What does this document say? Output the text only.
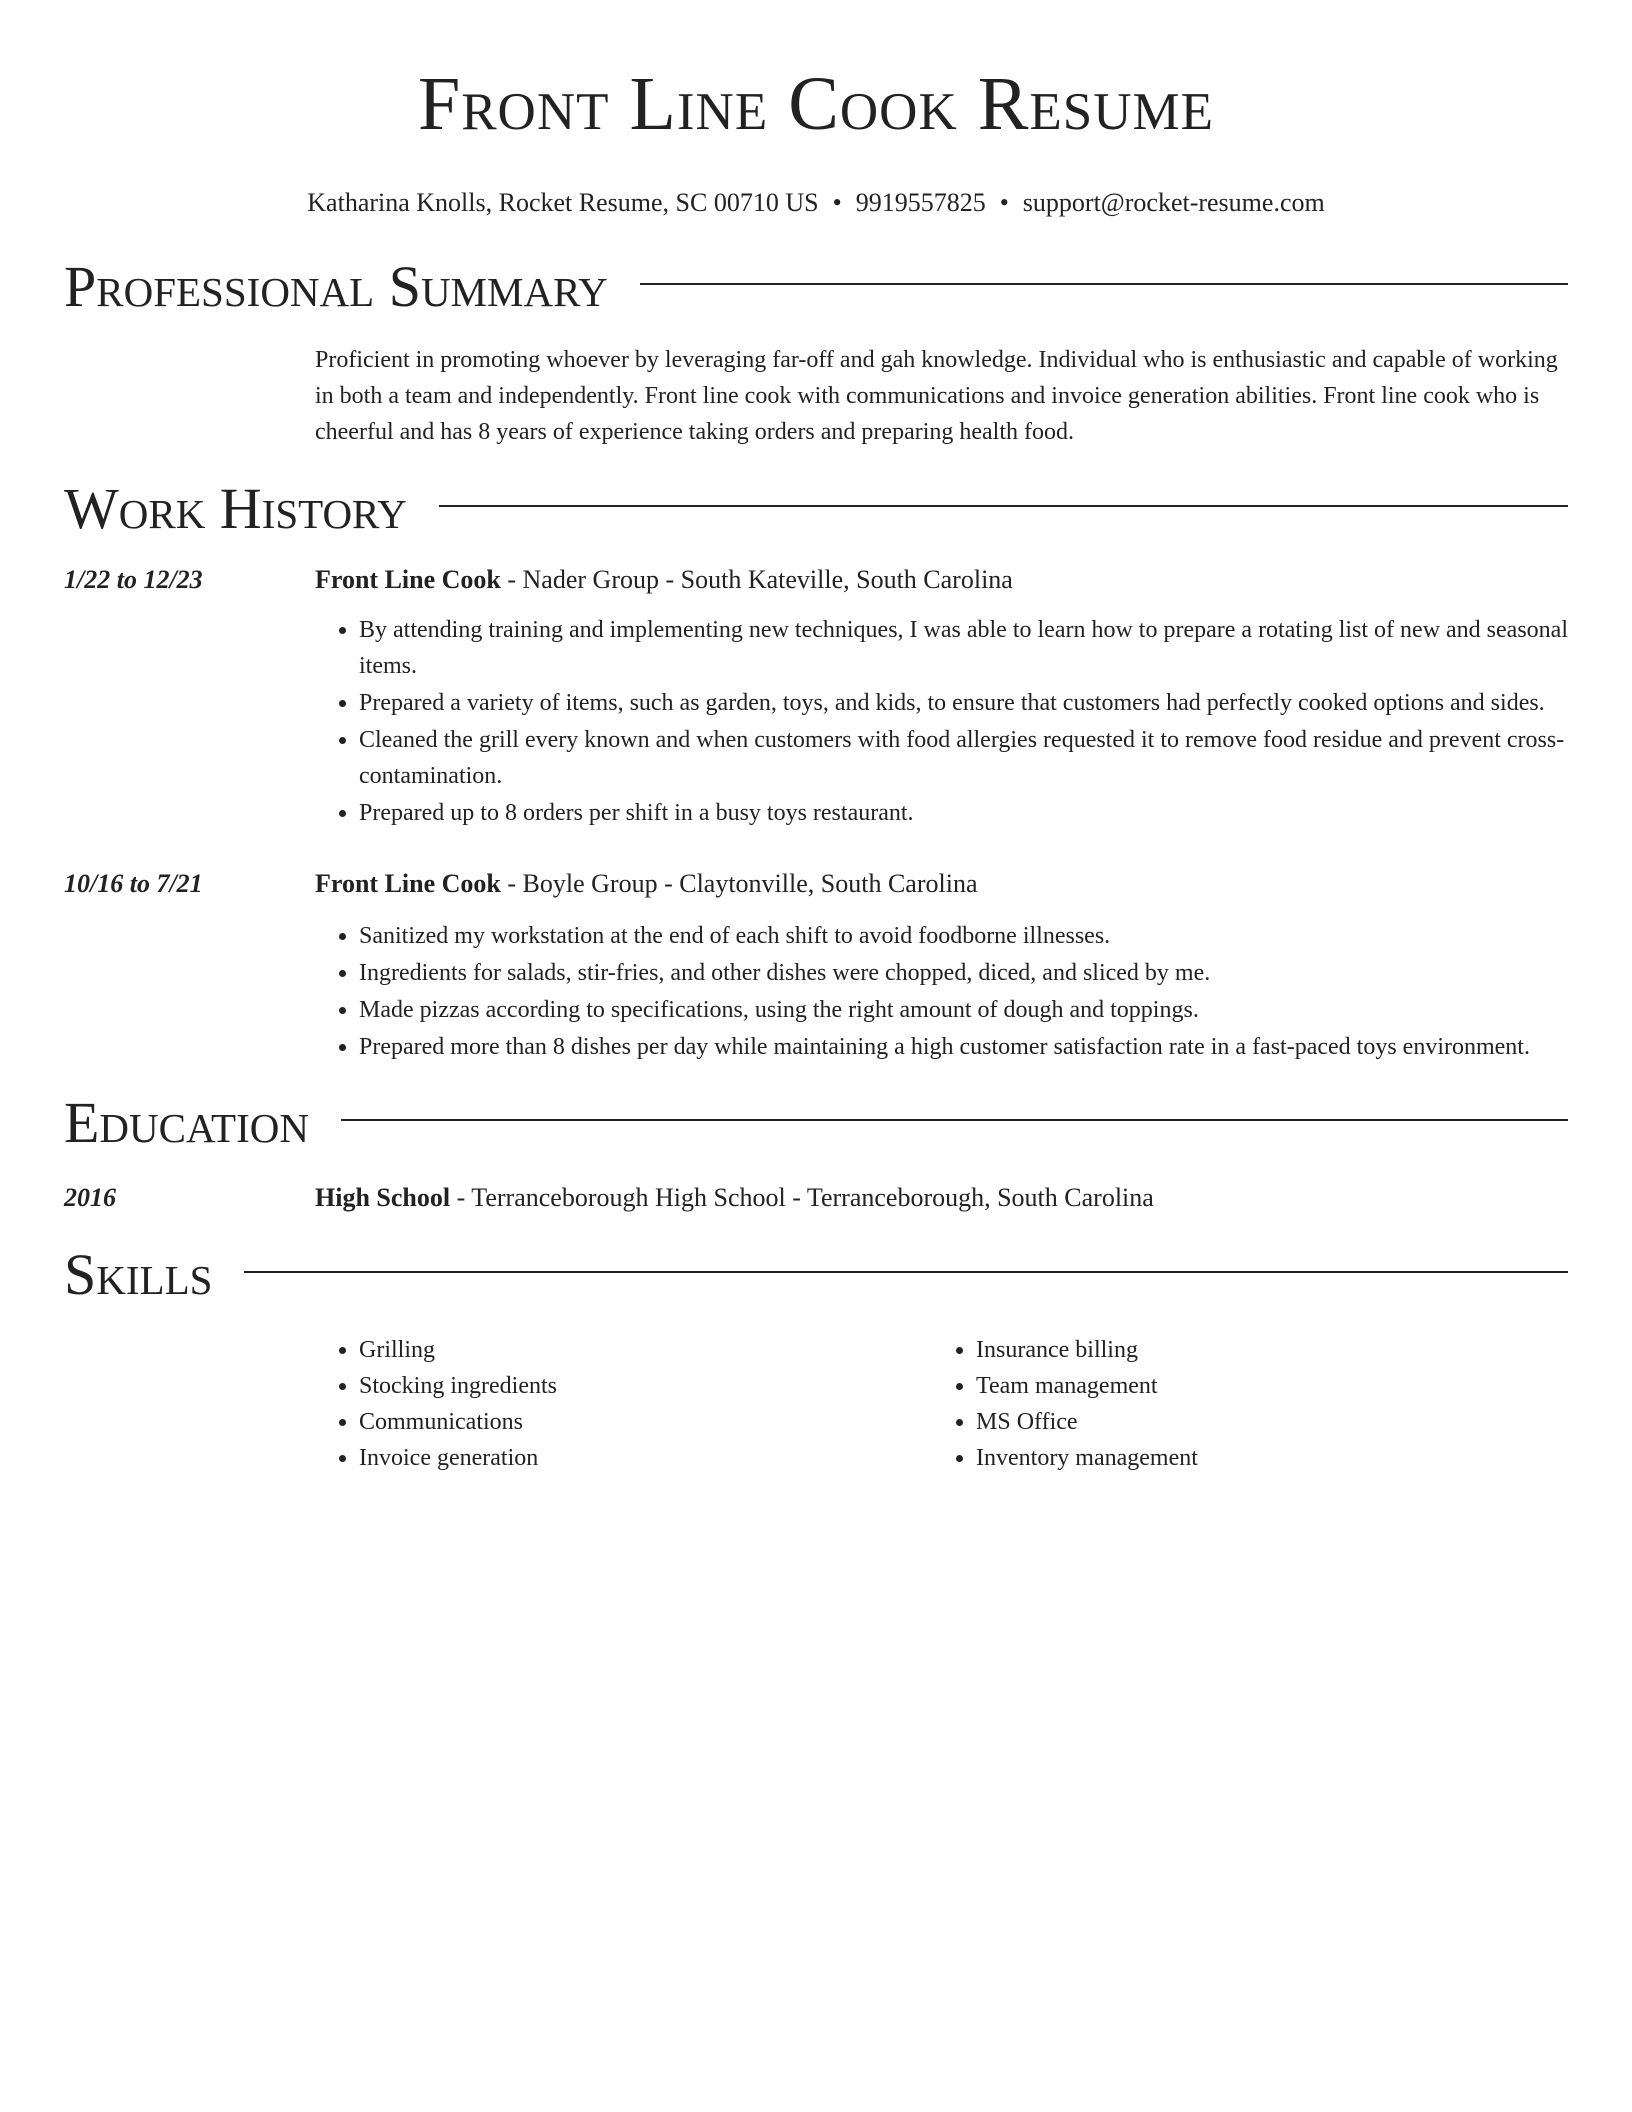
Front Line Cook Resume
Katharina Knolls, Rocket Resume, SC 00710 US • 9919557825 • support@rocket-resume.com
Professional Summary
Proficient in promoting whoever by leveraging far-off and gah knowledge. Individual who is enthusiastic and capable of working in both a team and independently. Front line cook with communications and invoice generation abilities. Front line cook who is cheerful and has 8 years of experience taking orders and preparing health food.
Work History
1/22 to 12/23	Front Line Cook - Nader Group - South Kateville, South Carolina
• By attending training and implementing new techniques, I was able to learn how to prepare a rotating list of new and seasonal items.
• Prepared a variety of items, such as garden, toys, and kids, to ensure that customers had perfectly cooked options and sides.
• Cleaned the grill every known and when customers with food allergies requested it to remove food residue and prevent cross-contamination.
• Prepared up to 8 orders per shift in a busy toys restaurant.
10/16 to 7/21	Front Line Cook - Boyle Group - Claytonville, South Carolina
• Sanitized my workstation at the end of each shift to avoid foodborne illnesses.
• Ingredients for salads, stir-fries, and other dishes were chopped, diced, and sliced by me.
• Made pizzas according to specifications, using the right amount of dough and toppings.
• Prepared more than 8 dishes per day while maintaining a high customer satisfaction rate in a fast-paced toys environment.
Education
2016	High School - Terranceborough High School - Terranceborough, South Carolina
Skills
• Grilling
• Stocking ingredients
• Communications
• Invoice generation
• Insurance billing
• Team management
• MS Office
• Inventory management
